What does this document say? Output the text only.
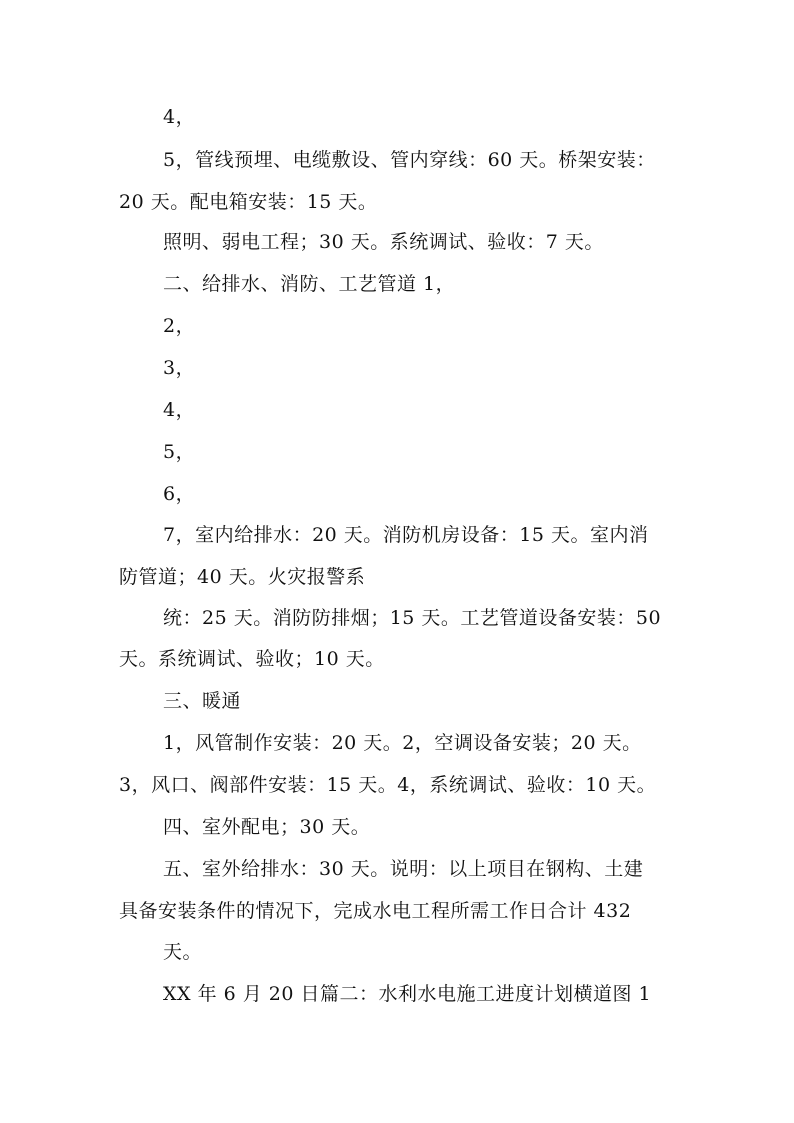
4，
5，管线预埋、电缆敷设、管内穿线：60 天。桥架安装：
20 天。配电箱安装：15 天。
照明、弱电工程；30 天。系统调试、验收：7 天。
二、给排水、消防、工艺管道 1，
2，
3，
4，
5，
6，
7，室内给排水：20 天。消防机房设备：15 天。室内消
防管道；40 天。火灾报警系
统：25 天。消防防排烟；15 天。工艺管道设备安装：50
天。系统调试、验收；10 天。
三、暖通
1，风管制作安装：20 天。2，空调设备安装；20 天。
3，风口、阀部件安装：15 天。4，系统调试、验收：10 天。
四、室外配电；30 天。
五、室外给排水：30 天。说明：以上项目在钢构、土建
具备安装条件的情况下，完成水电工程所需工作日合计 432
天。
XX 年 6 月 20 日篇二：水利水电施工进度计划横道图 1
